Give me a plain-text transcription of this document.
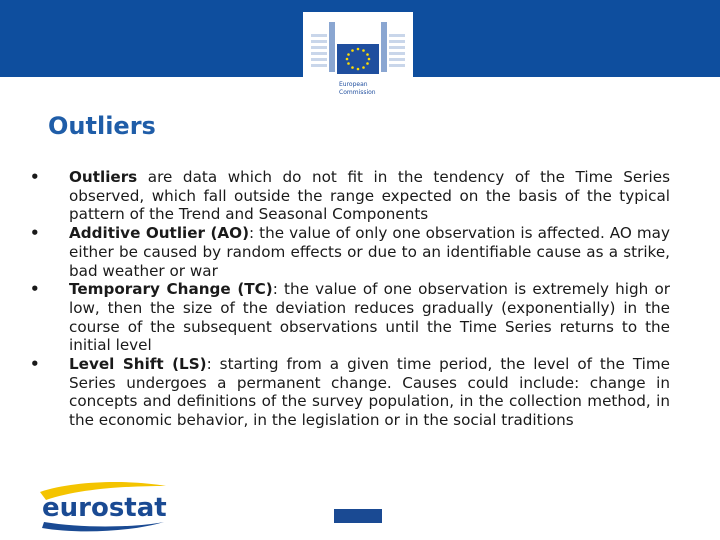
European
Commission
Outliers
• Outliers are data which do not fit in the tendency of the Time Series observed, which fall outside the range expected on the basis of the typical pattern of the Trend and Seasonal Components
• Additive Outlier (AO): the value of only one observation is affected. AO may either be caused by random effects or due to an identifiable cause as a strike, bad weather or war
• Temporary Change (TC): the value of one observation is extremely high or low, then the size of the deviation reduces gradually (exponentially) in the course of the subsequent observations until the Time Series returns to the initial level
• Level Shift (LS): starting from a given time period, the level of the Time Series undergoes a permanent change. Causes could include: change in concepts and definitions of the survey population, in the collection method, in the economic behavior, in the legislation or in the social traditions
eurostat
